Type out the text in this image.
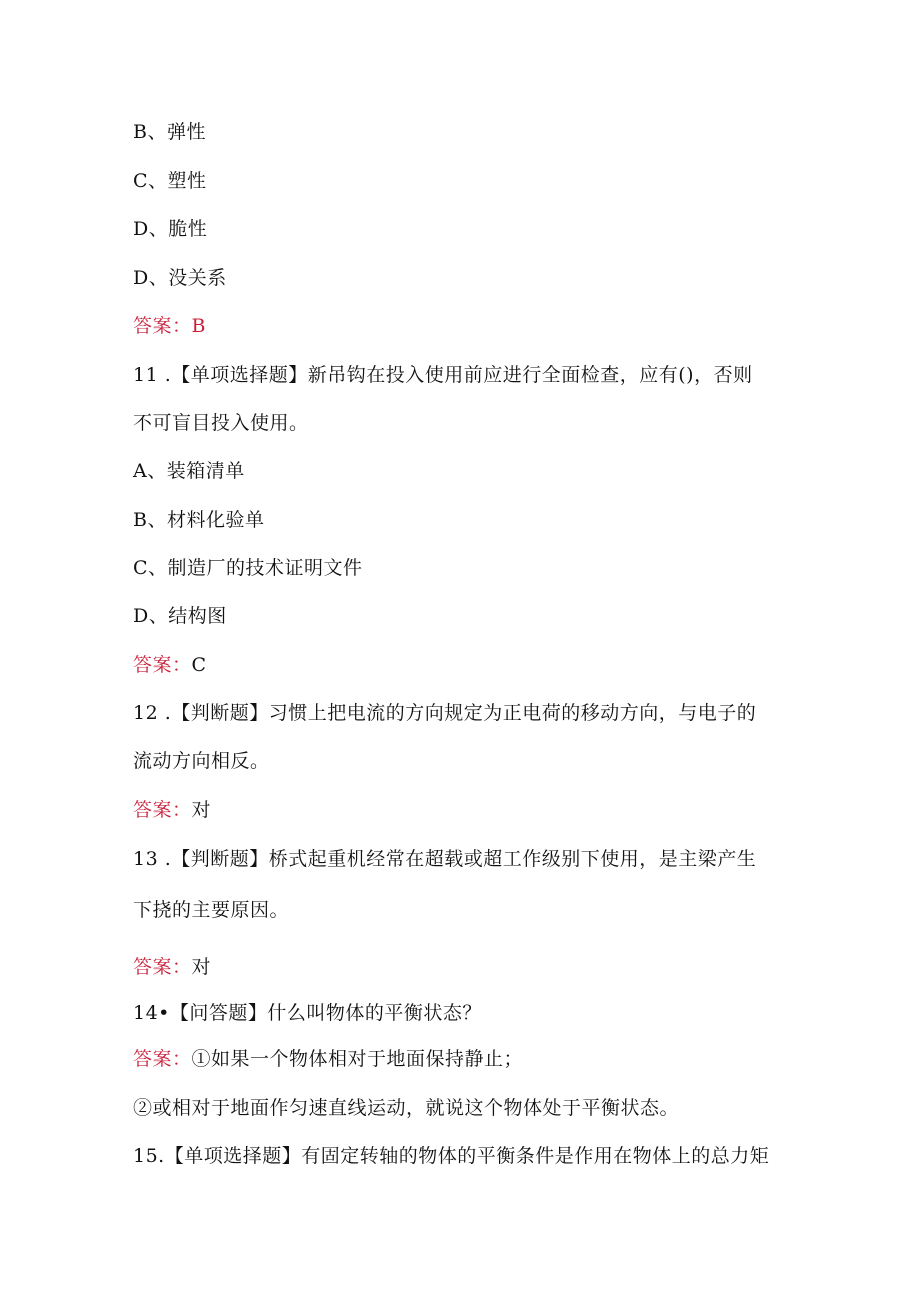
B、弹性
C、塑性
D、脆性
D、没关系
答案：B
11 .【单项选择题】新吊钩在投入使用前应进行全面检查，应有()，否则
不可盲目投入使用。
A、装箱清单
B、材料化验单
C、制造厂的技术证明文件
D、结构图
答案：C
12 .【判断题】习惯上把电流的方向规定为正电荷的移动方向，与电子的
流动方向相反。
答案：对
13 .【判断题】桥式起重机经常在超载或超工作级别下使用，是主梁产生
下挠的主要原因。
答案：对
14•【问答题】什么叫物体的平衡状态？
答案：①如果一个物体相对于地面保持静止；
②或相对于地面作匀速直线运动，就说这个物体处于平衡状态。
15.【单项选择题】有固定转轴的物体的平衡条件是作用在物体上的总力矩
